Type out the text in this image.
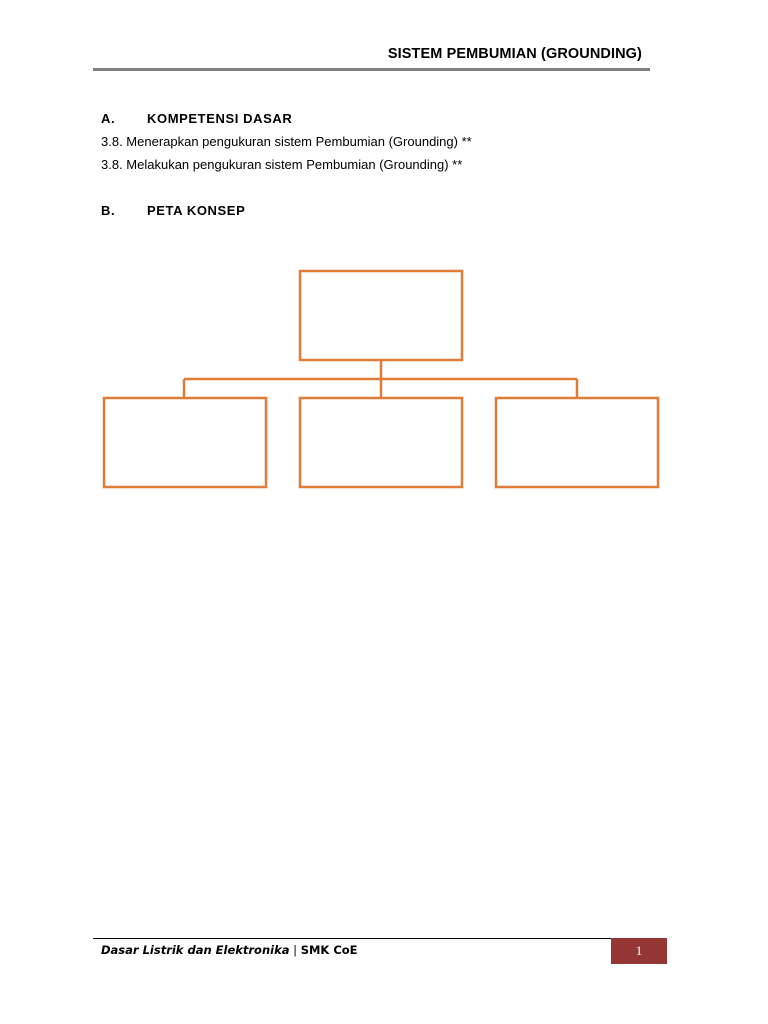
SISTEM PEMBUMIAN (GROUNDING)
A. KOMPETENSI DASAR
3.8. Menerapkan pengukuran sistem Pembumian (Grounding) **
3.8. Melakukan pengukuran sistem Pembumian (Grounding) **
B. PETA KONSEP
Dasar Listrik dan Elektronika | SMK CoE	1
